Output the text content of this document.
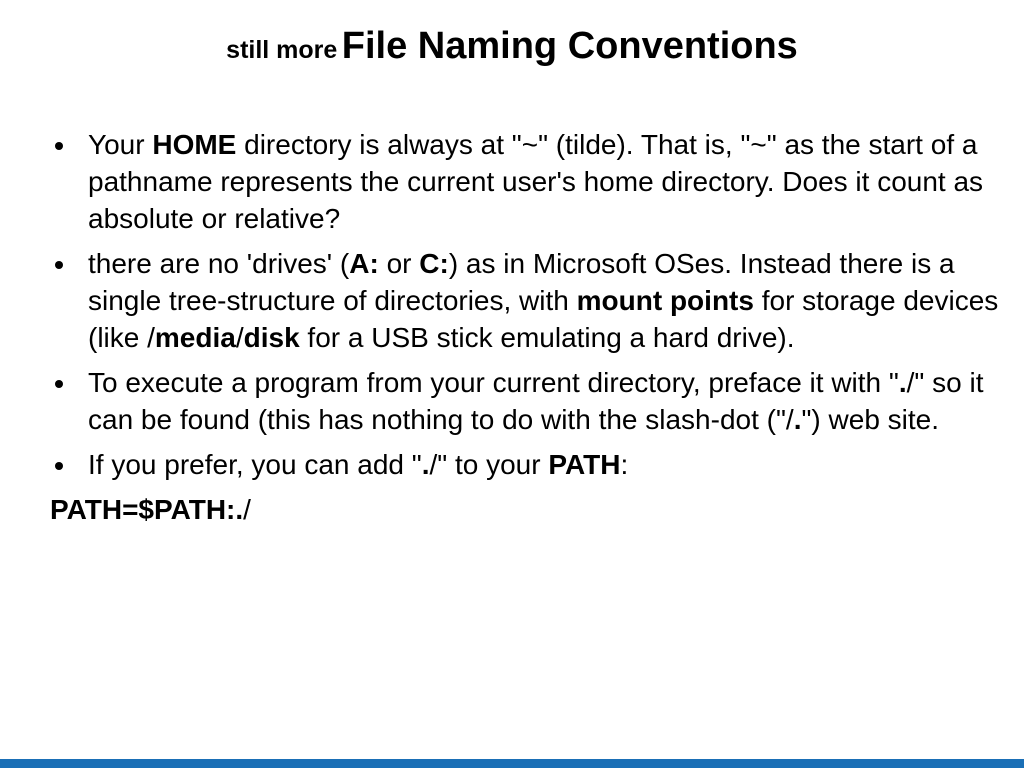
still more File Naming Conventions
Your HOME directory is always at "~" (tilde). That is, "~" as the start of a pathname represents the current user's home directory. Does it count as absolute or relative?
there are no 'drives' (A: or C:) as in Microsoft OSes. Instead there is a single tree-structure of directories, with mount points for storage devices (like /media/disk for a USB stick emulating a hard drive).
To execute a program from your current directory, preface it with "./" so it can be found (this has nothing to do with the slash-dot ("/.") web site.
If you prefer, you can add "./" to your PATH:
PATH=$PATH:./
